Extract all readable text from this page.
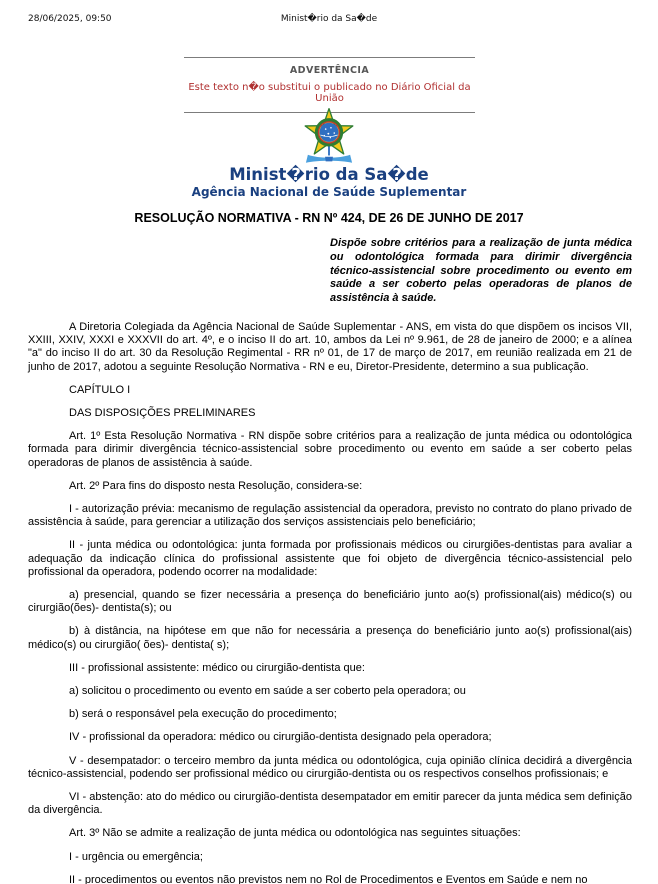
28/06/2025, 09:50	Minist�rio da Sa�de
ADVERTÊNCIA
Este texto n�o substitui o publicado no Diário Oficial da União
Minist�rio da Sa�de
Agência Nacional de Saúde Suplementar
RESOLUÇÃO NORMATIVA - RN Nº 424, DE 26 DE JUNHO DE 2017
Dispõe sobre critérios para a realização de junta médica ou odontológica formada para dirimir divergência técnico-assistencial sobre procedimento ou evento em saúde a ser coberto pelas operadoras de planos de assistência à saúde.

A Diretoria Colegiada da Agência Nacional de Saúde Suplementar - ANS, em vista do que dispõem os incisos VII, XXIII, XXIV, XXXI e XXXVII do art. 4º, e o inciso II do art. 10, ambos da Lei nº 9.961, de 28 de janeiro de 2000; e a alínea "a" do inciso II do art. 30 da Resolução Regimental - RR nº 01, de 17 de março de 2017, em reunião realizada em 21 de junho de 2017, adotou a seguinte Resolução Normativa - RN e eu, Diretor-Presidente, determino a sua publicação.

CAPÍTULO I

DAS DISPOSIÇÕES PRELIMINARES

Art. 1º Esta Resolução Normativa - RN dispõe sobre critérios para a realização de junta médica ou odontológica formada para dirimir divergência técnico-assistencial sobre procedimento ou evento em saúde a ser coberto pelas operadoras de planos de assistência à saúde.

Art. 2º Para fins do disposto nesta Resolução, considera-se:

I - autorização prévia: mecanismo de regulação assistencial da operadora, previsto no contrato do plano privado de assistência à saúde, para gerenciar a utilização dos serviços assistenciais pelo beneficiário;

II - junta médica ou odontológica: junta formada por profissionais médicos ou cirurgiões-dentistas para avaliar a adequação da indicação clínica do profissional assistente que foi objeto de divergência técnico-assistencial pelo profissional da operadora, podendo ocorrer na modalidade:

a) presencial, quando se fizer necessária a presença do beneficiário junto ao(s) profissional(ais) médico(s) ou cirurgião(ões)- dentista(s); ou

b) à distância, na hipótese em que não for necessária a presença do beneficiário junto ao(s) profissional(ais) médico(s) ou cirurgião( ões)- dentista( s);

III - profissional assistente: médico ou cirurgião-dentista que:

a) solicitou o procedimento ou evento em saúde a ser coberto pela operadora; ou

b) será o responsável pela execução do procedimento;

IV - profissional da operadora: médico ou cirurgião-dentista designado pela operadora;

V - desempatador: o terceiro membro da junta médica ou odontológica, cuja opinião clínica decidirá a divergência técnico-assistencial, podendo ser profissional médico ou cirurgião-dentista ou os respectivos conselhos profissionais; e

VI - abstenção: ato do médico ou cirurgião-dentista desempatador em emitir parecer da junta médica sem definição da divergência.

Art. 3º Não se admite a realização de junta médica ou odontológica nas seguintes situações:

I - urgência ou emergência;

II - procedimentos ou eventos não previstos nem no Rol de Procedimentos e Eventos em Saúde e nem no
